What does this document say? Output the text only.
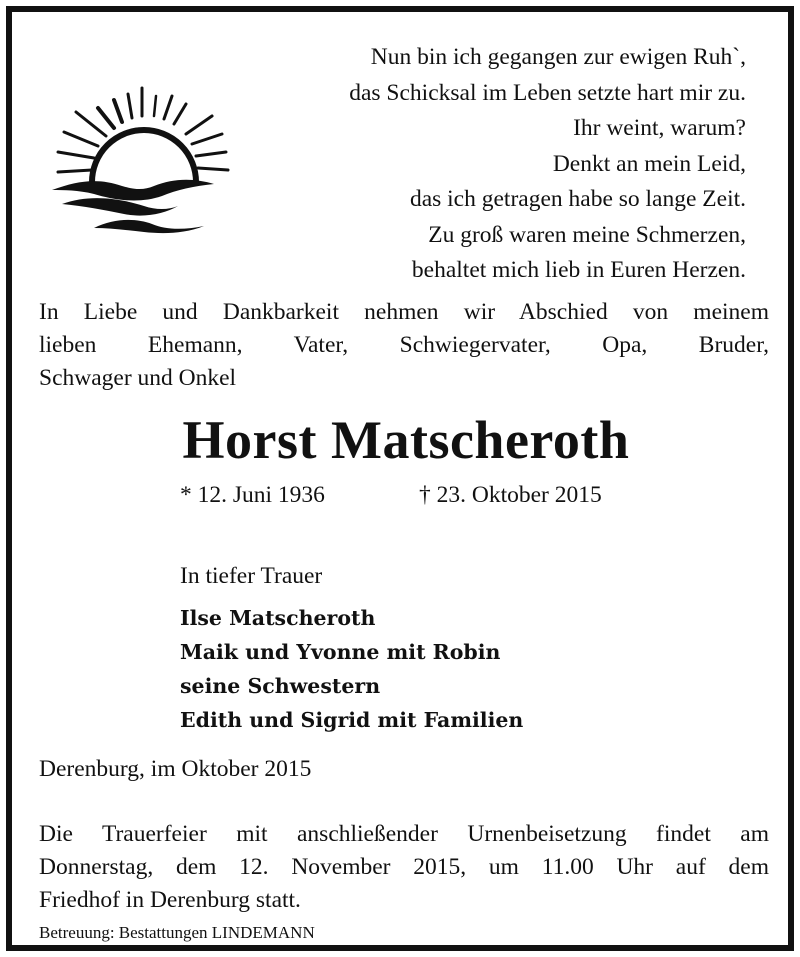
Nun bin ich gegangen zur ewigen Ruh`,
das Schicksal im Leben setzte hart mir zu.
Ihr weint, warum?
Denkt an mein Leid,
das ich getragen habe so lange Zeit.
Zu groß waren meine Schmerzen,
behaltet mich lieb in Euren Herzen.
In Liebe und Dankbarkeit nehmen wir Abschied von meinem
lieben Ehemann, Vater, Schwiegervater, Opa, Bruder,
Schwager und Onkel
Horst Matscheroth
* 12. Juni 1936	† 23. Oktober 2015
In tiefer Trauer
Ilse Matscheroth
Maik und Yvonne mit Robin
seine Schwestern
Edith und Sigrid mit Familien
Derenburg, im Oktober 2015
Die Trauerfeier mit anschließender Urnenbeisetzung findet am
Donnerstag, dem 12. November 2015, um 11.00 Uhr auf dem
Friedhof in Derenburg statt.
Betreuung: Bestattungen LINDEMANN
